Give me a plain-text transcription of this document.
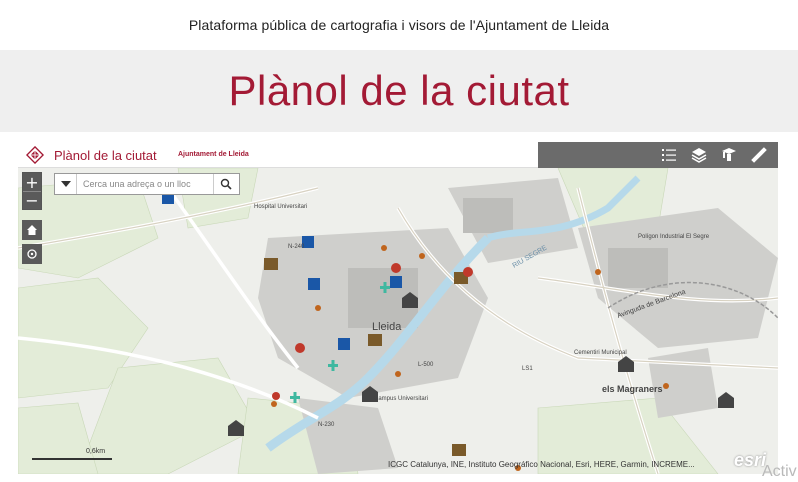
Plataforma pública de cartografia i visors de l'Ajuntament de Lleida
Plànol de la ciutat
Plànol de la ciutat	Ajuntament de Lleida
Lleida
els Magraners
RIU SEGRE
Hospital Universitari
Avinguda de Barcelona
Polígon Industrial El Segre
Cementiri Municipal
Campus Universitari
N-230
N-240
L-500
LS1
+
−
Cerca una adreça o un lloc
0,6km
ICGC Catalunya, INE, Instituto Geográfico Nacional, Esri, HERE, Garmin, INCREME... esri
Activ
